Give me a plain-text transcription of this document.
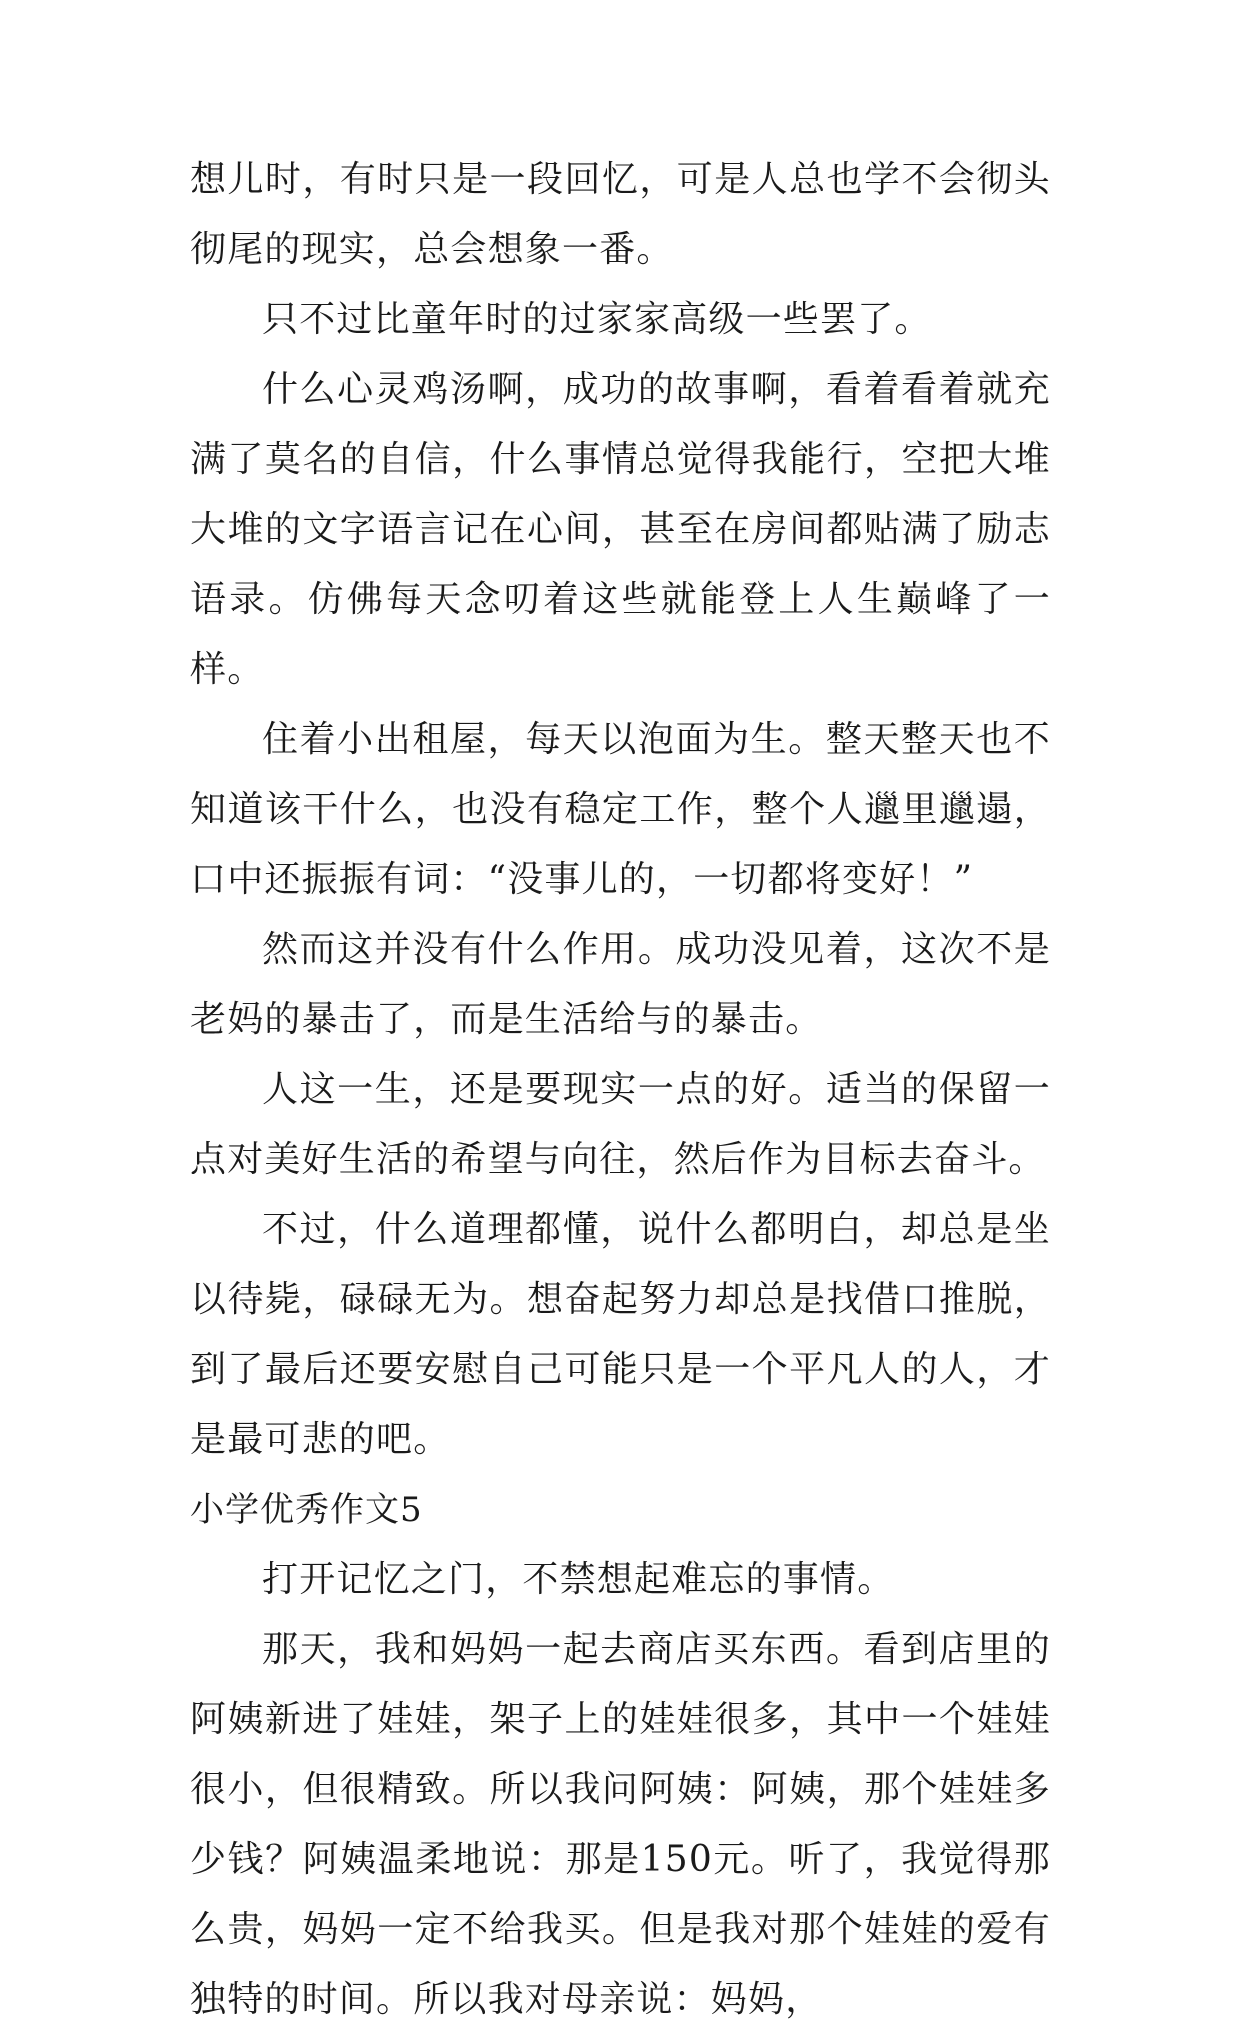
想儿时，有时只是一段回忆，可是人总也学不会彻头彻尾的现实，总会想象一番。

只不过比童年时的过家家高级一些罢了。

什么心灵鸡汤啊，成功的故事啊，看着看着就充满了莫名的自信，什么事情总觉得我能行，空把大堆大堆的文字语言记在心间，甚至在房间都贴满了励志语录。仿佛每天念叨着这些就能登上人生巅峰了一样。

住着小出租屋，每天以泡面为生。整天整天也不知道该干什么，也没有稳定工作，整个人邋里邋遢，口中还振振有词：“没事儿的，一切都将变好！”

然而这并没有什么作用。成功没见着，这次不是老妈的暴击了，而是生活给与的暴击。

人这一生，还是要现实一点的好。适当的保留一点对美好生活的希望与向往，然后作为目标去奋斗。

不过，什么道理都懂，说什么都明白，却总是坐以待毙，碌碌无为。想奋起努力却总是找借口推脱，到了最后还要安慰自己可能只是一个平凡人的人，才是最可悲的吧。

小学优秀作文5

打开记忆之门，不禁想起难忘的事情。

那天，我和妈妈一起去商店买东西。看到店里的阿姨新进了娃娃，架子上的娃娃很多，其中一个娃娃很小，但很精致。所以我问阿姨：阿姨，那个娃娃多少钱？阿姨温柔地说：那是150元。听了，我觉得那么贵，妈妈一定不给我买。但是我对那个娃娃的爱有独特的时间。所以我对母亲说：妈妈，
